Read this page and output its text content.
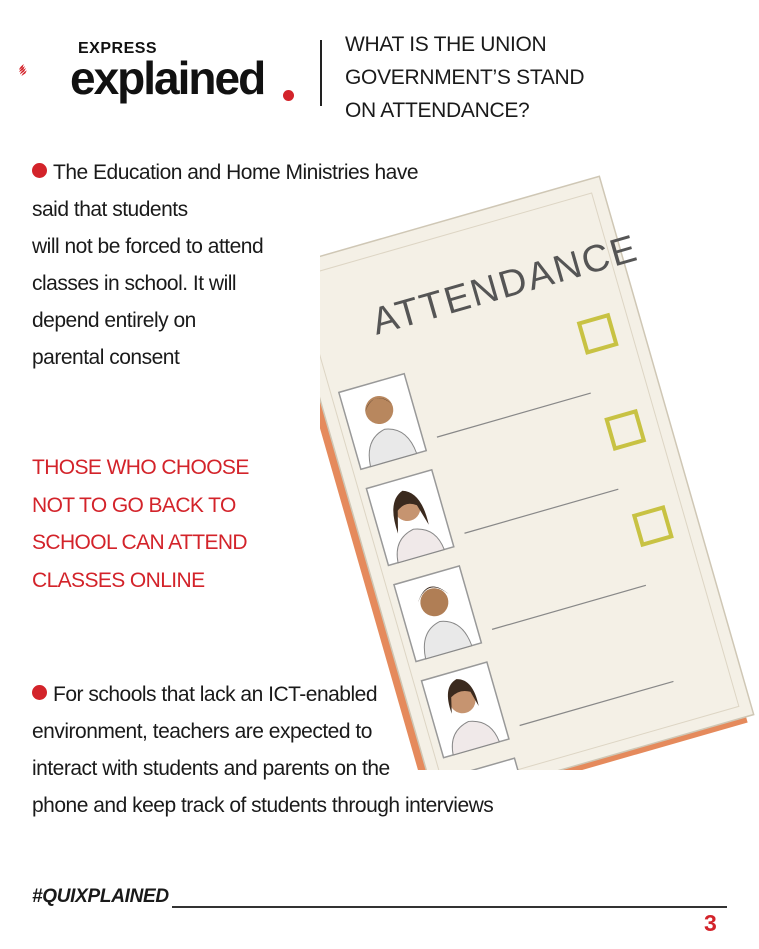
EXPRESS
explained
WHAT IS THE UNION
GOVERNMENT’S STAND
ON ATTENDANCE?
ATTENDANCE
The Education and Home Ministries have
said that students
will not be forced to attend
classes in school. It will
depend entirely on
parental consent
THOSE WHO CHOOSE
NOT TO GO BACK TO
SCHOOL CAN ATTEND
CLASSES ONLINE
For schools that lack an ICT-enabled
environment, teachers are expected to
interact with students and parents on the
phone and keep track of students through interviews
#QUIXPLAINED
3
